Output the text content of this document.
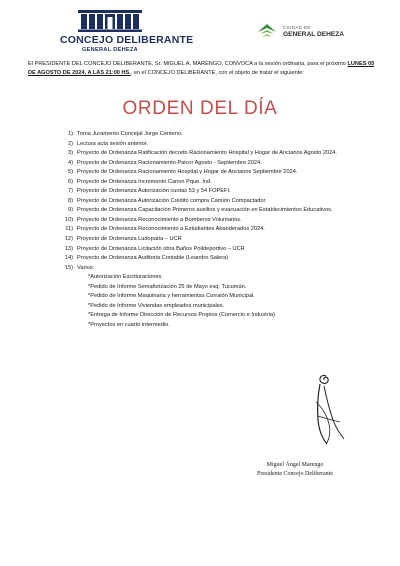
CONCEJO DELIBERANTE
GENERAL DEHEZA
CIUDAD DE
GENERAL DEHEZA
El PRESIDENTE DEL CONCEJO DELIBERANTE, Sr. MIGUEL A. MARENGO, CONVOCA a la sesión ordinaria, para el próximo LUNES 05 DE AGOSTO DE 2024, A LAS 21:00 HS., en el CONCEJO DELIBERANTE, con el objeto de tratar el siguiente:
ORDEN DEL DÍA
1) Toma Juramento Concejal Jorge Centeno.
2) Lectura acta sesión anterior.
3) Proyecto de Ordenanza Ratificación decreto Racionamiento Hospital y Hogar de Ancianos Agosto 2024.
4) Proyecto de Ordenanza Racionamiento Paicor Agosto - Septiembre 2024.
5) Proyecto de Ordenanza Racionamiento Hospital y Hogar de Ancianos Septiembre 2024.
6) Proyecto de Ordenanza Incremento Canon Pque. Ind.
7) Proyecto de Ordenanza Autorización cuotas 53 y 54 FOPEFI.
8) Proyecto de Ordenanza Autorización Crédito compra Camión Compactador.
9) Proyecto de Ordenanza Capacitación Primeros auxilios y evacuación en Establecimientos Educativos.
10) Proyecto de Ordenanza Reconocimiento a Bomberos Voluntarios.
11) Proyecto de Ordenanza Reconocimiento a Estudiantes Abanderados 2024.
12) Proyecto de Ordenanza Ludopatía – UCR
13) Proyecto de Ordenanza Licitación obra Baños Polideportivo – UCR
14) Proyecto de Ordenanza Auditoria Contable (Leandro Salera)
15) Varios:
*Autorización Escrituraciones.
*Pedido de Informe Semaforización 25 de Mayo esq. Tucumán.
*Pedido de Informe Maquinaria y herramientas Corralón Municipal.
*Pedido de Informe Viviendas empleados municipales.
*Entrega de Informe Dirección de Recursos Propios (Comercio e Industria)
*Proyectos en cuarto intermedio.
Miguel Ángel Marengo
Presidente Concejo Deliberante
